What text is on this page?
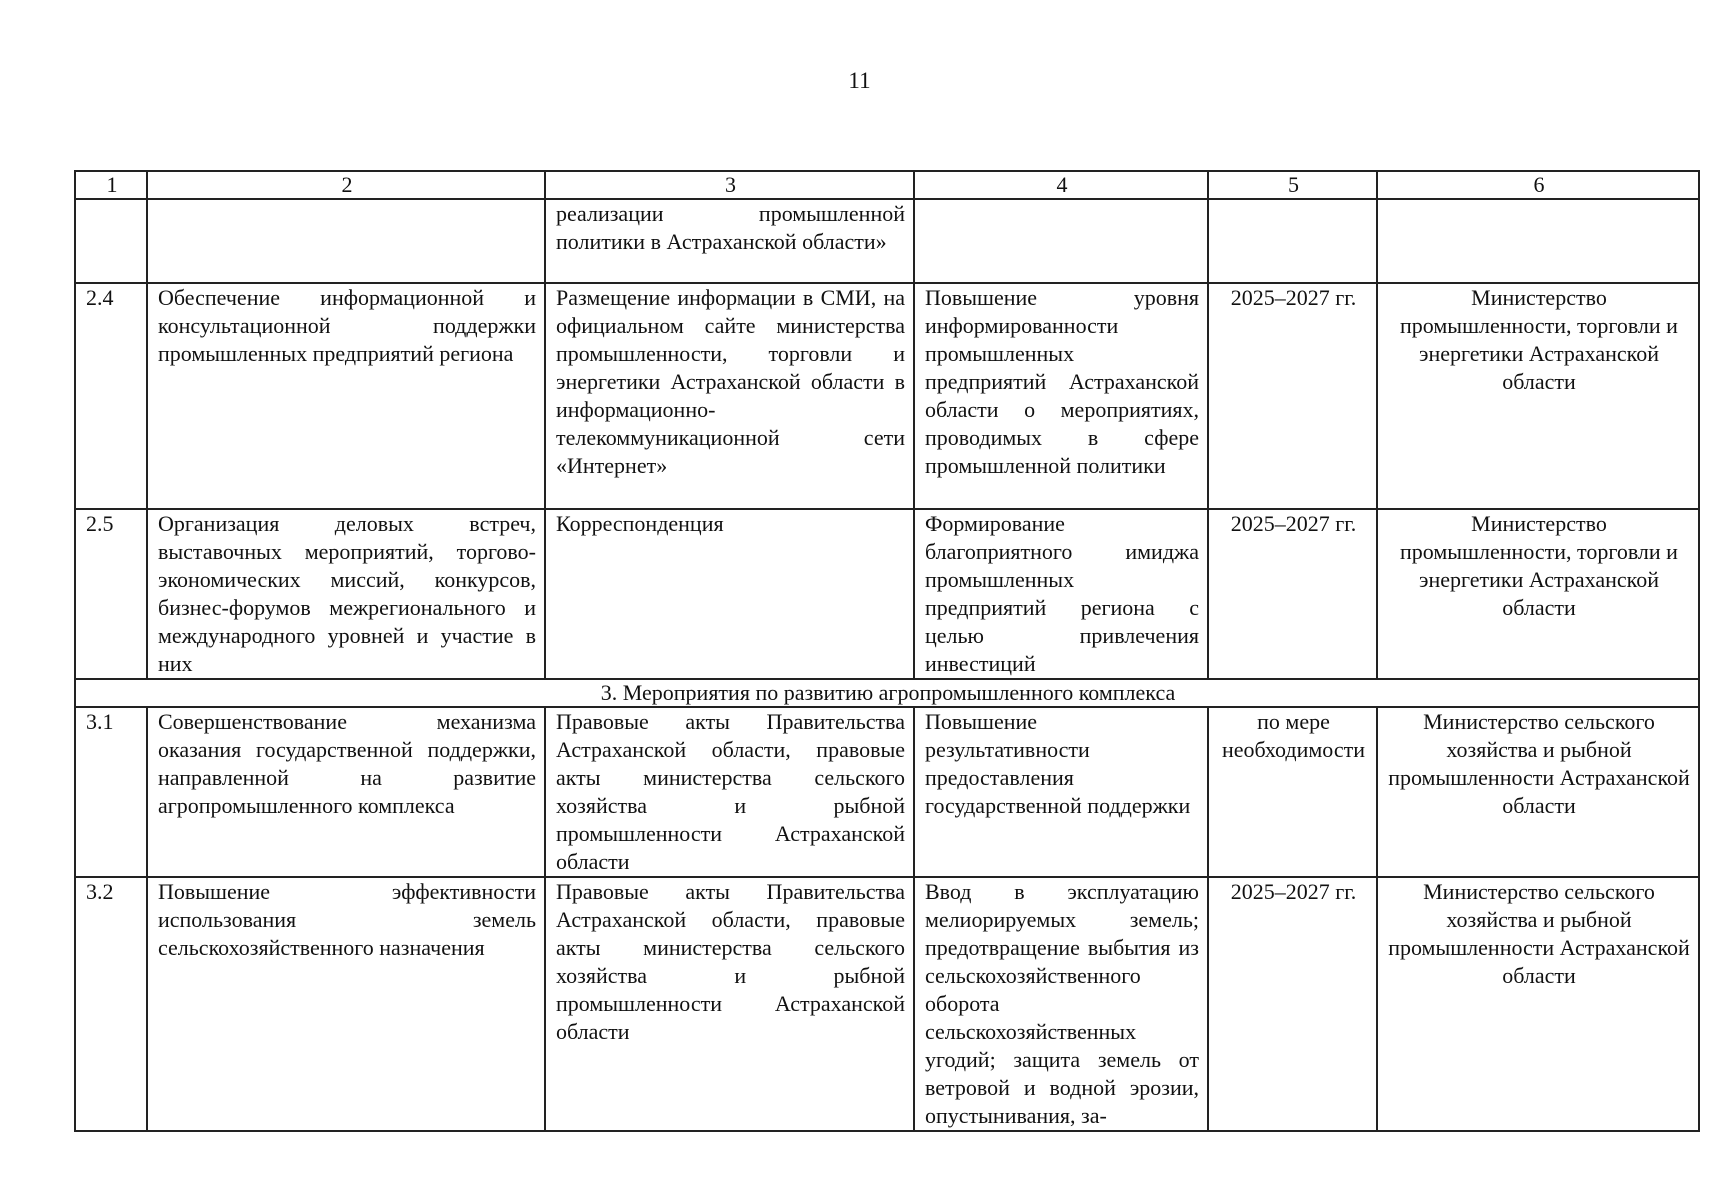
11
1	2	3	4	5	6
		реализации промышленной политики в Астраханской области»			
2.4	Обеспечение информационной и консультационной поддержки промышленных предприятий региона	Размещение информации в СМИ, на официальном сайте министерства промышленности, торговли и энергетики Астраханской области в информационно-телекоммуникационной сети «Интернет»	Повышение уровня информированности промышленных предприятий Астраханской области о мероприятиях, проводимых в сфере промышленной политики	2025–2027 гг.	Министерство промышленности, торговли и энергетики Астраханской области
2.5	Организация деловых встреч, выставочных мероприятий, торгово-экономических миссий, конкурсов, бизнес-форумов межрегионального и международного уровней и участие в них	Корреспонденция	Формирование благоприятного имиджа промышленных предприятий региона с целью привлечения инвестиций	2025–2027 гг.	Министерство промышленности, торговли и энергетики Астраханской области
3. Мероприятия по развитию агропромышленного комплекса					
3.1	Совершенствование механизма оказания государственной поддержки, направленной на развитие агропромышленного комплекса	Правовые акты Правительства Астраханской области, правовые акты министерства сельского хозяйства и рыбной промышленности Астраханской области	Повышение результативности предоставления государственной поддержки	по мере необходимости	Министерство сельского хозяйства и рыбной промышленности Астраханской области
3.2	Повышение эффективности использования земель сельскохозяйственного назначения	Правовые акты Правительства Астраханской области, правовые акты министерства сельского хозяйства и рыбной промышленности Астраханской области	Ввод в эксплуатацию мелиорируемых земель; предотвращение выбытия из сельскохозяйственного оборота сельскохозяйственных угодий; защита земель от ветровой и водной эрозии, опустынивания, за-	2025–2027 гг.	Министерство сельского хозяйства и рыбной промышленности Астраханской области
